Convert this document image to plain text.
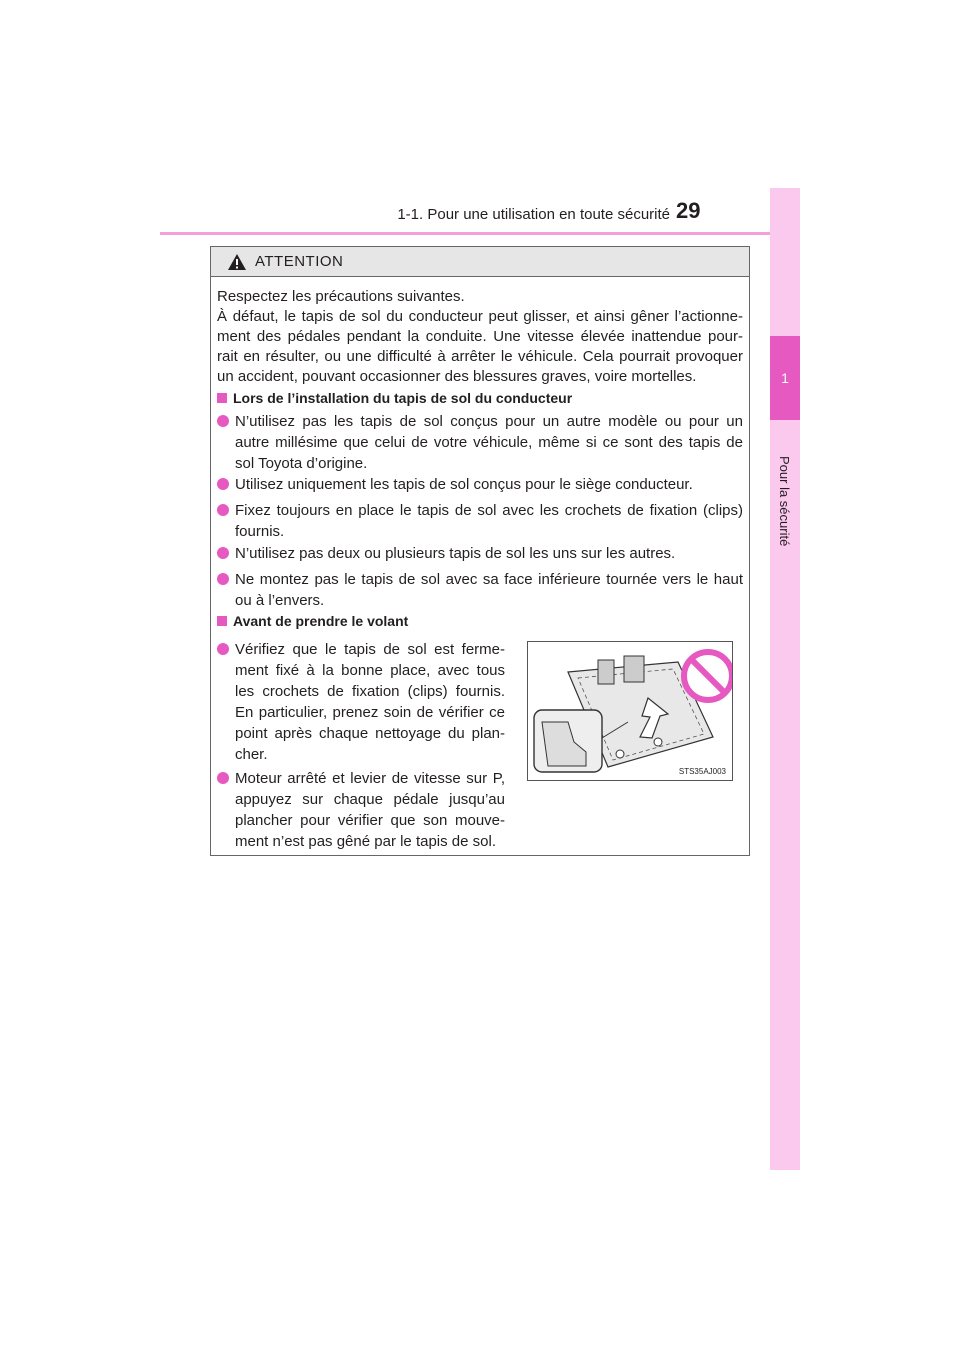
1-1. Pour une utilisation en toute sécurité 29
1
Pour la sécurité
ATTENTION
Respectez les précautions suivantes.
À défaut, le tapis de sol du conducteur peut glisser, et ainsi gêner l’actionne-
ment des pédales pendant la conduite. Une vitesse élevée inattendue pour-
rait en résulter, ou une difficulté à arrêter le véhicule. Cela pourrait provoquer
un accident, pouvant occasionner des blessures graves, voire mortelles.
Lors de l’installation du tapis de sol du conducteur
N’utilisez pas les tapis de sol conçus pour un autre modèle ou pour un
autre millésime que celui de votre véhicule, même si ce sont des tapis de
sol Toyota d’origine.
Utilisez uniquement les tapis de sol conçus pour le siège conducteur.
Fixez toujours en place le tapis de sol avec les crochets de fixation (clips)
fournis.
N’utilisez pas deux ou plusieurs tapis de sol les uns sur les autres.
Ne montez pas le tapis de sol avec sa face inférieure tournée vers le haut
ou à l’envers.
Avant de prendre le volant
Vérifiez que le tapis de sol est ferme-
ment fixé à la bonne place, avec tous
les crochets de fixation (clips) fournis.
En particulier, prenez soin de vérifier ce
point après chaque nettoyage du plan-
cher.
Moteur arrêté et levier de vitesse sur P,
appuyez sur chaque pédale jusqu’au
plancher pour vérifier que son mouve-
ment n’est pas gêné par le tapis de sol.
STS35AJ003
